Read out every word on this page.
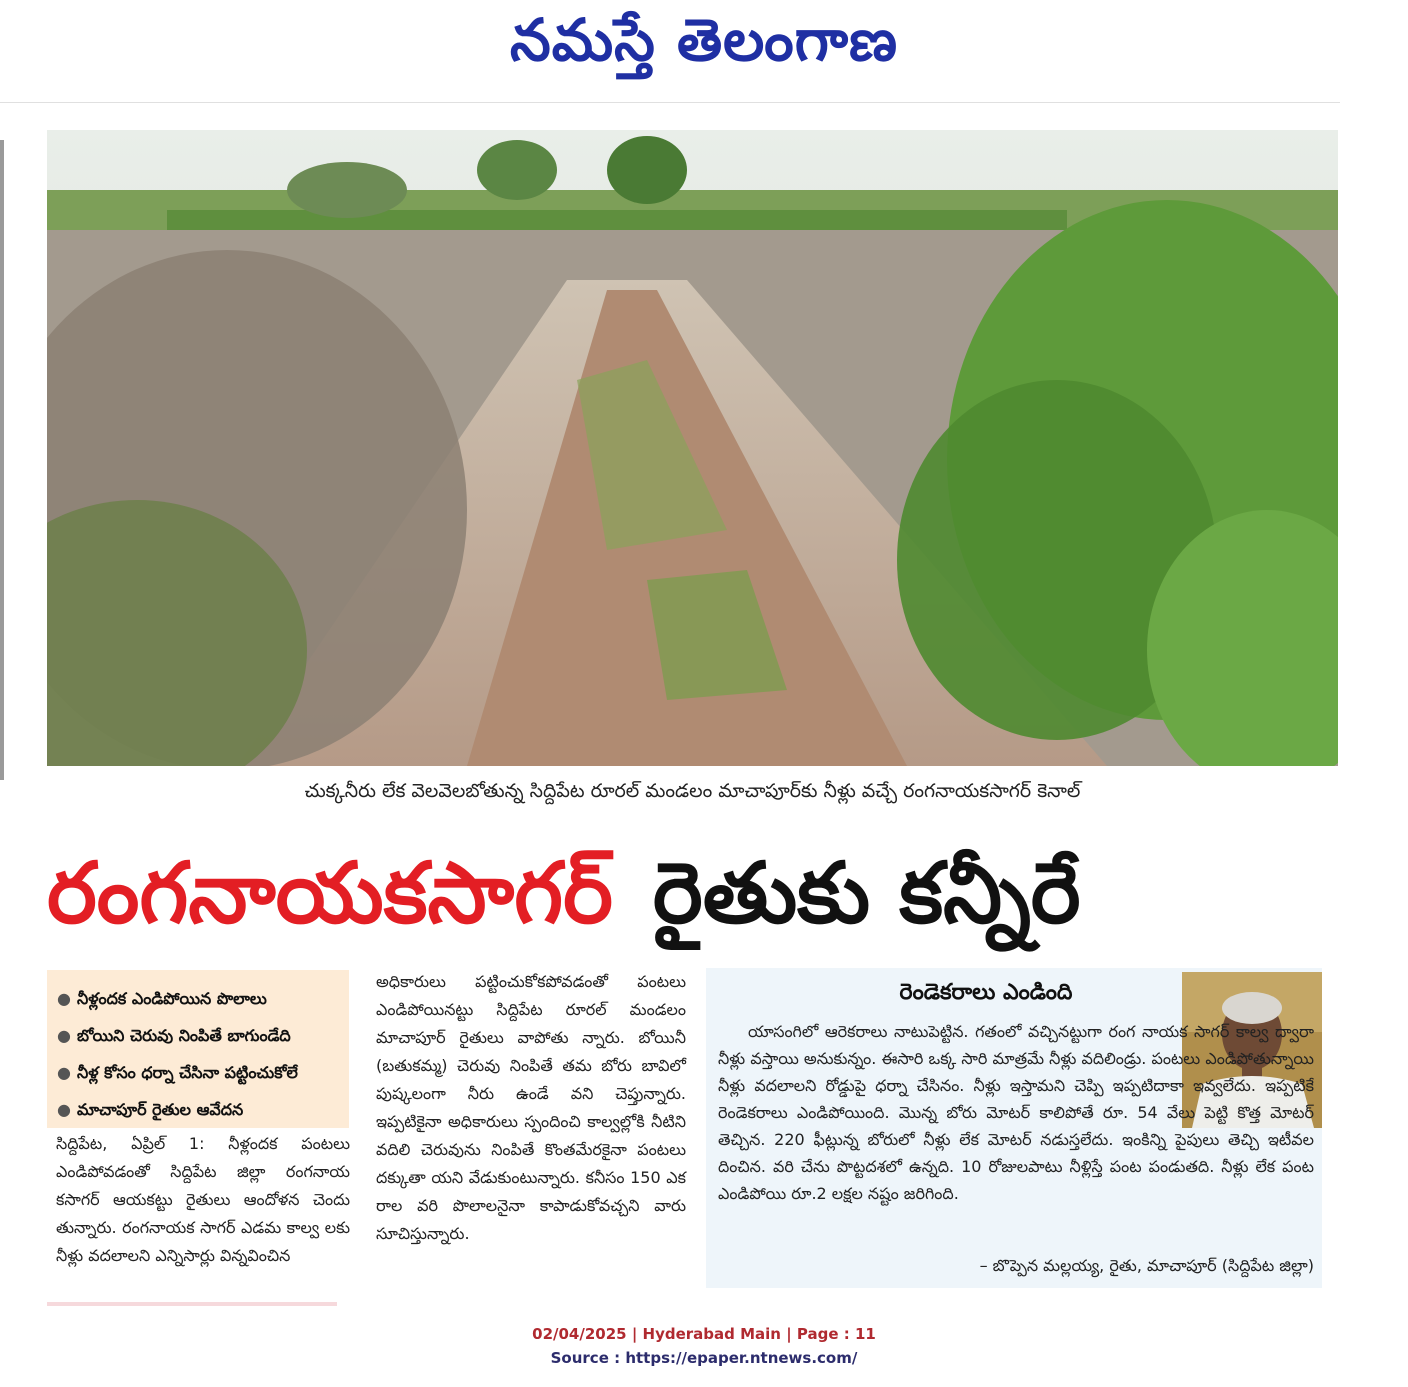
నమస్తే తెలంగాణ
చుక్కనీరు లేక వెలవెలబోతున్న సిద్దిపేట రూరల్ మండలం మాచాపూర్‌కు నీళ్లు వచ్చే రంగనాయకసాగర్ కెనాల్
రంగనాయకసాగర్ రైతుకు కన్నీరే
● నీళ్లందక ఎండిపోయిన పొలాలు
● బోయిని చెరువు నింపితే బాగుండేది
● నీళ్ల కోసం ధర్నా చేసినా పట్టించుకోలే
● మాచాపూర్ రైతుల ఆవేదన
సిద్దిపేట, ఏప్రిల్ 1: నీళ్లందక పంటలు ఎండిపోవడంతో సిద్దిపేట జిల్లా రంగనాయ కసాగర్ ఆయకట్టు రైతులు ఆందోళన చెందు తున్నారు. రంగనాయక సాగర్ ఎడమ కాల్వ లకు నీళ్లు వదలాలని ఎన్నిసార్లు విన్నవించిన
అధికారులు పట్టించుకోకపోవడంతో పంటలు ఎండిపోయినట్టు సిద్దిపేట రూరల్ మండలం మాచాపూర్ రైతులు వాపోతు న్నారు. బోయినీ (బతుకమ్మ) చెరువు నింపితే తమ బోరు బావిలో పుష్కలంగా నీరు ఉండే వని చెప్తున్నారు. ఇప్పటికైనా అధికారులు స్పందించి కాల్వల్లోకి నీటిని వదిలి చెరువును నింపితే కొంతమేరకైనా పంటలు దక్కుతా యని వేడుకుంటున్నారు. కనీసం 150 ఎక రాల వరి పొలాలనైనా కాపాడుకోవచ్చని వారు సూచిస్తున్నారు.
రెండెకరాలు ఎండింది
యాసంగిలో ఆరెకరాలు నాటుపెట్టిన. గతంలో వచ్చినట్టుగా రంగ నాయక సాగర్ కాల్వ ద్వారా నీళ్లు వస్తాయి అనుకున్నం. ఈసారి ఒక్క సారి మాత్రమే నీళ్లు వదిలిండ్రు. పంటలు ఎండిపోతున్నాయి నీళ్లు వదలాలని రోడ్డుపై ధర్నా చేసినం. నీళ్లు ఇస్తామని చెప్పి ఇప్పటిదాకా ఇవ్వలేదు. ఇప్పటికే రెండెకరాలు ఎండిపోయింది. మొన్న బోరు మోటర్ కాలిపోతే రూ. 54 వేలు పెట్టి కొత్త మోటర్ తెచ్చిన. 220 ఫీట్లున్న బోరులో నీళ్లు లేక మోటర్ నడుస్తలేదు. ఇంకిన్ని పైపులు తెచ్చి ఇటీవల దించిన. వరి చేను పొట్టదశలో ఉన్నది. 10 రోజులపాటు నీళ్లిస్తే పంట పండుతది. నీళ్లు లేక పంట ఎండిపోయి రూ.2 లక్షల నష్టం జరిగింది.
– బొప్పెన మల్లయ్య, రైతు, మాచాపూర్ (సిద్దిపేట జిల్లా)
02/04/2025 | Hyderabad Main | Page : 11
Source : https://epaper.ntnews.com/
